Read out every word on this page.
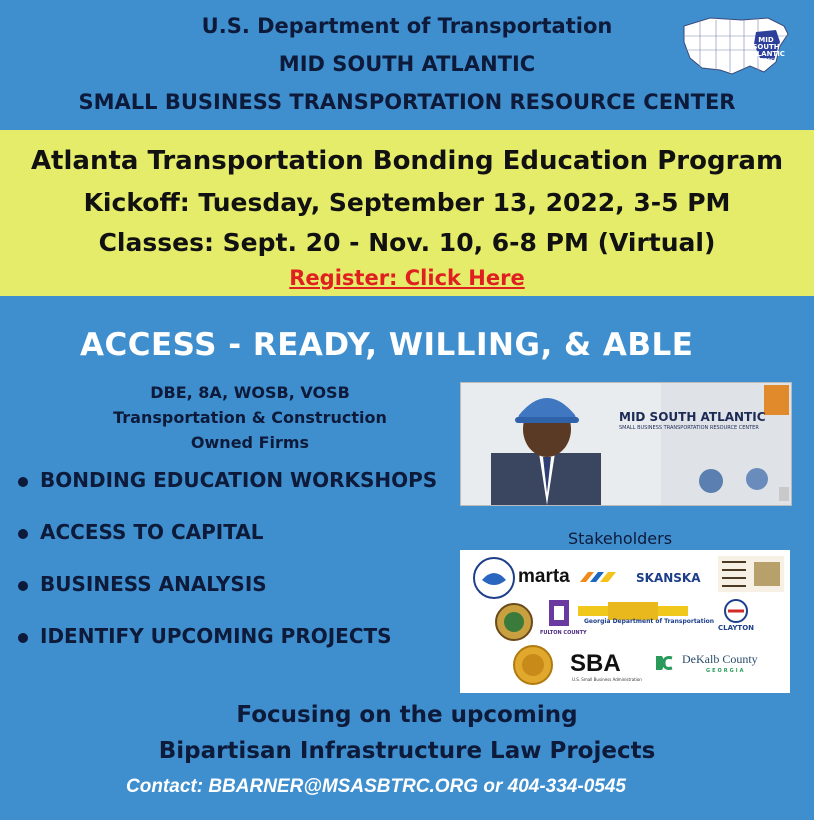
U.S. Department of Transportation
MID SOUTH ATLANTIC
SMALL BUSINESS TRANSPORTATION RESOURCE CENTER
MID
SOUTH
ATLANTIC
SBTRC
Atlanta Transportation Bonding Education Program
Kickoff: Tuesday, September 13, 2022, 3-5 PM
Classes: Sept. 20 - Nov. 10, 6-8 PM (Virtual)
Register: Click Here
ACCESS - READY, WILLING, & ABLE
DBE, 8A, WOSB, VOSB
Transportation & Construction
Owned Firms
BONDING EDUCATION WORKSHOPS
ACCESS TO CAPITAL
BUSINESS ANALYSIS
IDENTIFY UPCOMING PROJECTS
MID SOUTH ATLANTIC
SMALL BUSINESS TRANSPORTATION RESOURCE CENTER
Stakeholders
marta	SKANSKA
FULTON COUNTY
Georgia Department of Transportation
CLAYTON
SBA
U.S. Small Business Administration
DeKalb County
GEORGIA
Focusing on the upcoming
Bipartisan Infrastructure Law Projects
Contact: BBARNER@MSASBTRC.ORG or 404-334-0545
